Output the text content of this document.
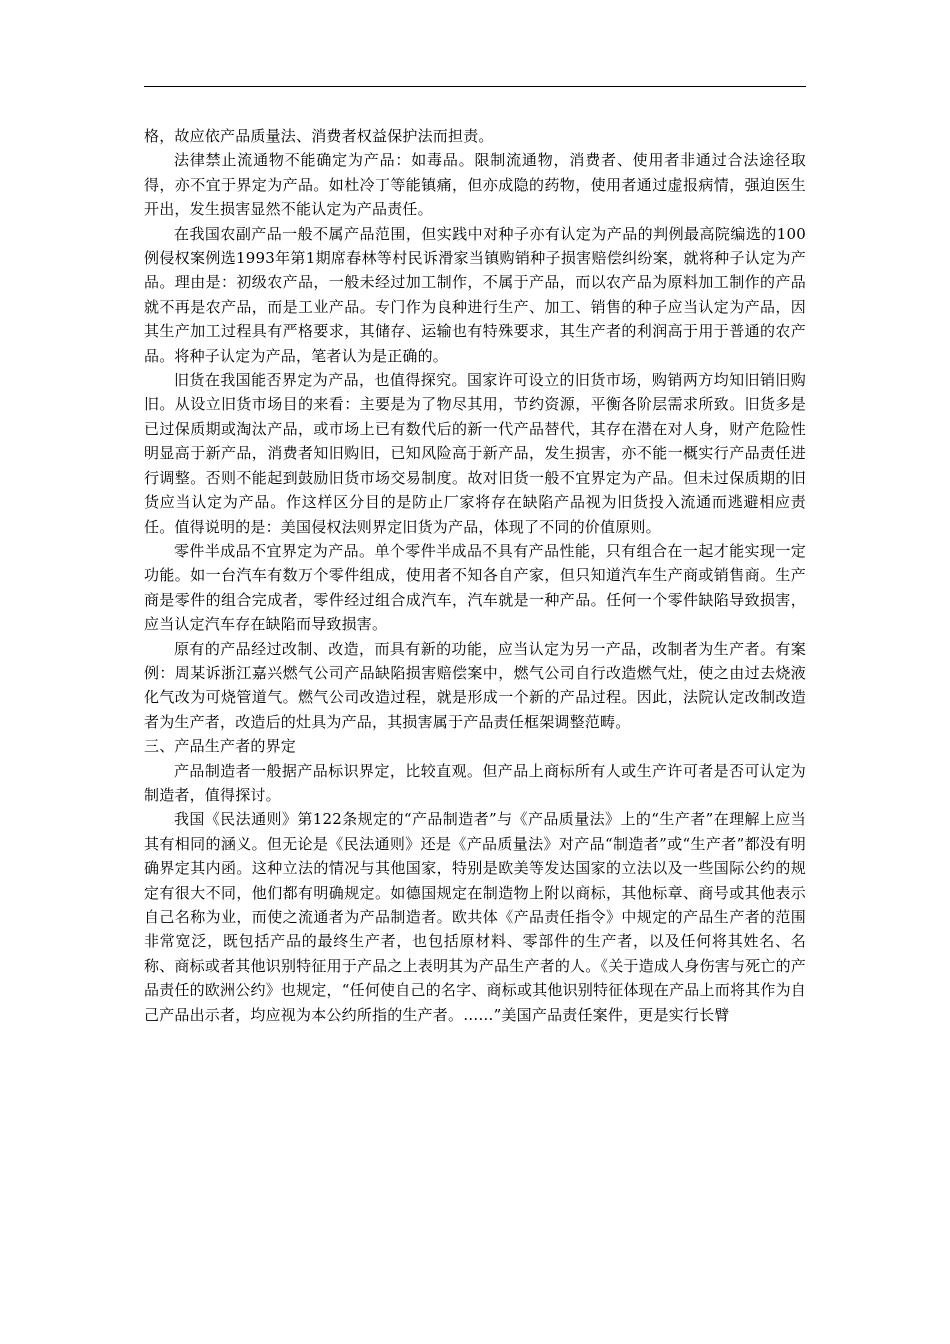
格，故应依产品质量法、消费者权益保护法而担责。

法律禁止流通物不能确定为产品：如毒品。限制流通物，消费者、使用者非通过合法途径取得，亦不宜于界定为产品。如杜冷丁等能镇痛，但亦成隐的药物，使用者通过虚报病情，强迫医生开出，发生损害显然不能认定为产品责任。

在我国农副产品一般不属产品范围，但实践中对种子亦有认定为产品的判例最高院编选的100例侵权案例选1993年第1期席春林等村民诉滑家当镇购销种子损害赔偿纠纷案，就将种子认定为产品。理由是：初级农产品，一般未经过加工制作，不属于产品，而以农产品为原料加工制作的产品就不再是农产品，而是工业产品。专门作为良种进行生产、加工、销售的种子应当认定为产品，因其生产加工过程具有严格要求，其储存、运输也有特殊要求，其生产者的利润高于用于普通的农产品。将种子认定为产品，笔者认为是正确的。

旧货在我国能否界定为产品，也值得探究。国家许可设立的旧货市场，购销两方均知旧销旧购旧。从设立旧货市场目的来看：主要是为了物尽其用，节约资源，平衡各阶层需求所致。旧货多是已过保质期或淘汰产品，或市场上已有数代后的新一代产品替代，其存在潜在对人身，财产危险性明显高于新产品，消费者知旧购旧，已知风险高于新产品，发生损害，亦不能一概实行产品责任进行调整。否则不能起到鼓励旧货市场交易制度。故对旧货一般不宜界定为产品。但未过保质期的旧货应当认定为产品。作这样区分目的是防止厂家将存在缺陷产品视为旧货投入流通而逃避相应责任。值得说明的是：美国侵权法则界定旧货为产品，体现了不同的价值原则。

零件半成品不宜界定为产品。单个零件半成品不具有产品性能，只有组合在一起才能实现一定功能。如一台汽车有数万个零件组成，使用者不知各自产家，但只知道汽车生产商或销售商。生产商是零件的组合完成者，零件经过组合成汽车，汽车就是一种产品。任何一个零件缺陷导致损害，应当认定汽车存在缺陷而导致损害。

原有的产品经过改制、改造，而具有新的功能，应当认定为另一产品，改制者为生产者。有案例：周某诉浙江嘉兴燃气公司产品缺陷损害赔偿案中，燃气公司自行改造燃气灶，使之由过去烧液化气改为可烧管道气。燃气公司改造过程，就是形成一个新的产品过程。因此，法院认定改制改造者为生产者，改造后的灶具为产品，其损害属于产品责任框架调整范畴。

三、产品生产者的界定

产品制造者一般据产品标识界定，比较直观。但产品上商标所有人或生产许可者是否可认定为制造者，值得探讨。

我国《民法通则》第122条规定的“产品制造者”与《产品质量法》上的“生产者”在理解上应当其有相同的涵义。但无论是《民法通则》还是《产品质量法》对产品“制造者”或“生产者”都没有明确界定其内函。这种立法的情况与其他国家，特别是欧美等发达国家的立法以及一些国际公约的规定有很大不同，他们都有明确规定。如德国规定在制造物上附以商标，其他标章、商号或其他表示自己名称为业，而使之流通者为产品制造者。欧共体《产品责任指令》中规定的产品生产者的范围非常宽泛，既包括产品的最终生产者，也包括原材料、零部件的生产者，以及任何将其姓名、名称、商标或者其他识别特征用于产品之上表明其为产品生产者的人。《关于造成人身伤害与死亡的产品责任的欧洲公约》也规定，“任何使自己的名字、商标或其他识别特征体现在产品上而将其作为自己产品出示者，均应视为本公约所指的生产者。……”美国产品责任案件，更是实行长臂
